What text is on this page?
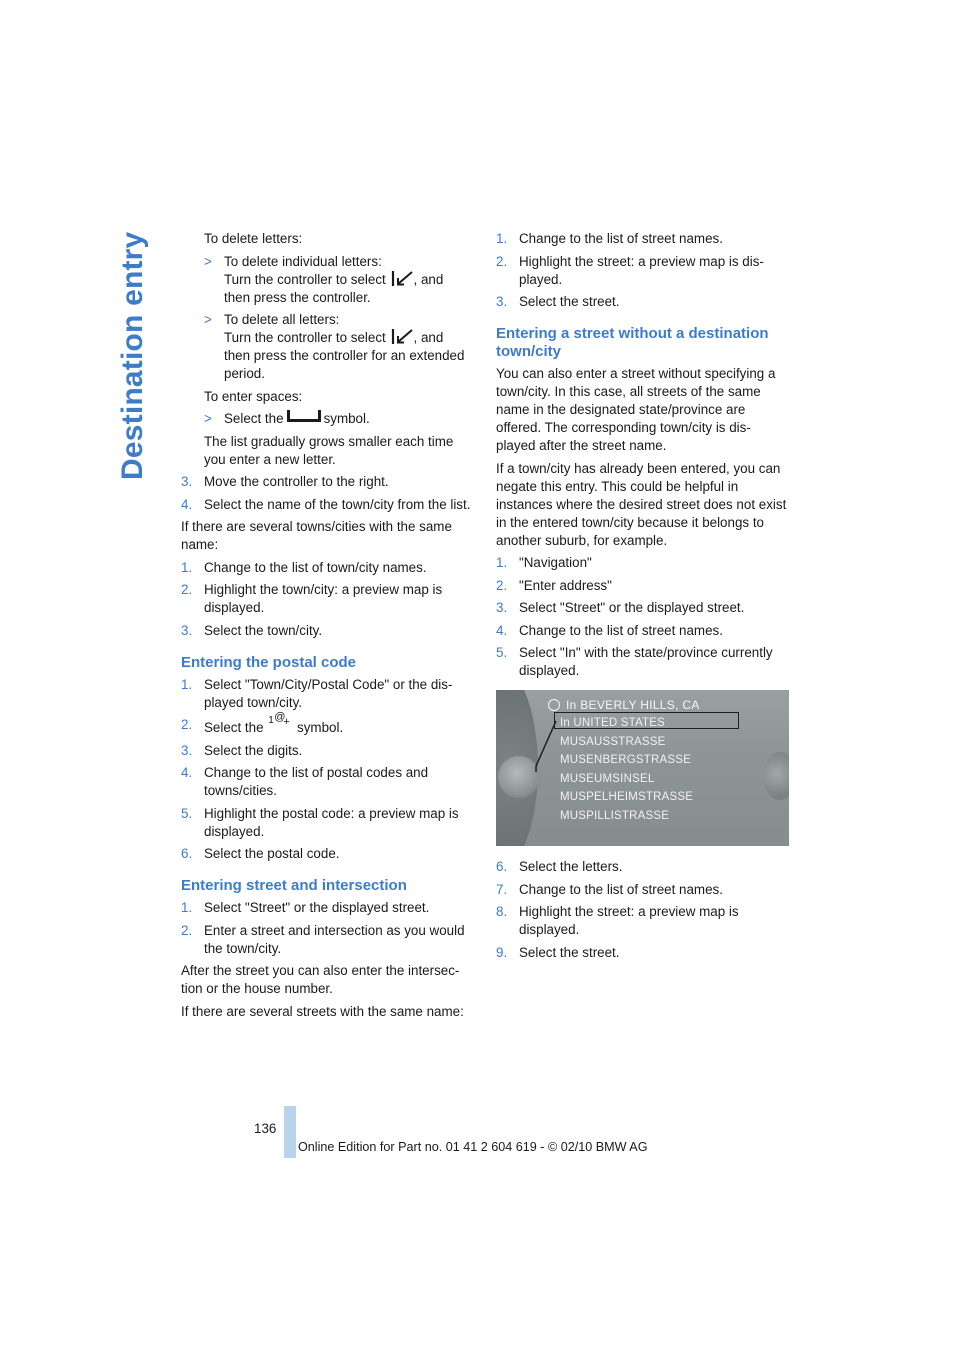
Destination entry	To delete letters:

> To delete individual letters:
Turn the controller to select , and
then press the controller.
> To delete all letters:
Turn the controller to select , and
then press the controller for an extended period.

To enter spaces:

> Select the	symbol.

The list gradually grows smaller each time you enter a new letter.

3. Move the controller to the right.
4. Select the name of the town/city from the list.

If there are several towns/cities with the same name:

1. Change to the list of town/city names.
2. Highlight the town/city: a preview map is displayed.
3. Select the town/city.
Entering the postal code
1. Select "Town/City/Postal Code" or the dis-played town/city.
2. Select the 1 @
+ symbol.
3. Select the digits.
4. Change to the list of postal codes and towns/cities.
5. Highlight the postal code: a preview map is displayed.
6. Select the postal code.
Entering street and intersection
1. Select "Street" or the displayed street.
2. Enter a street and intersection as you would the town/city.

After the street you can also enter the intersec-tion or the house number.

If there are several streets with the same name:

1. Change to the list of street names.
2. Highlight the street: a preview map is dis-played.
3. Select the street.
Entering a street without a destination town/city

You can also enter a street without specifying a town/city. In this case, all streets of the same name in the designated state/province are offered. The corresponding town/city is dis-played after the street name.

If a town/city has already been entered, you can negate this entry. This could be helpful in instances where the desired street does not exist in the entered town/city because it belongs to another suburb, for example.

1. "Navigation"
2. "Enter address"
3. Select "Street" or the displayed street.
4. Change to the list of street names.
5. Select "In" with the state/province currently displayed.
In BEVERLY HILLS, CA
In UNITED STATES
MUSÄUSSTRASSE
MUSENBERGSTRASSE
MUSEUMSINSEL
MUSPELHEIMSTRASSE
MUSPILLISTRASSE
6. Select the letters.
7. Change to the list of street names.
8. Highlight the street: a preview map is displayed.
9. Select the street.
136
Online Edition for Part no. 01 41 2 604 619 - © 02/10 BMW AG
